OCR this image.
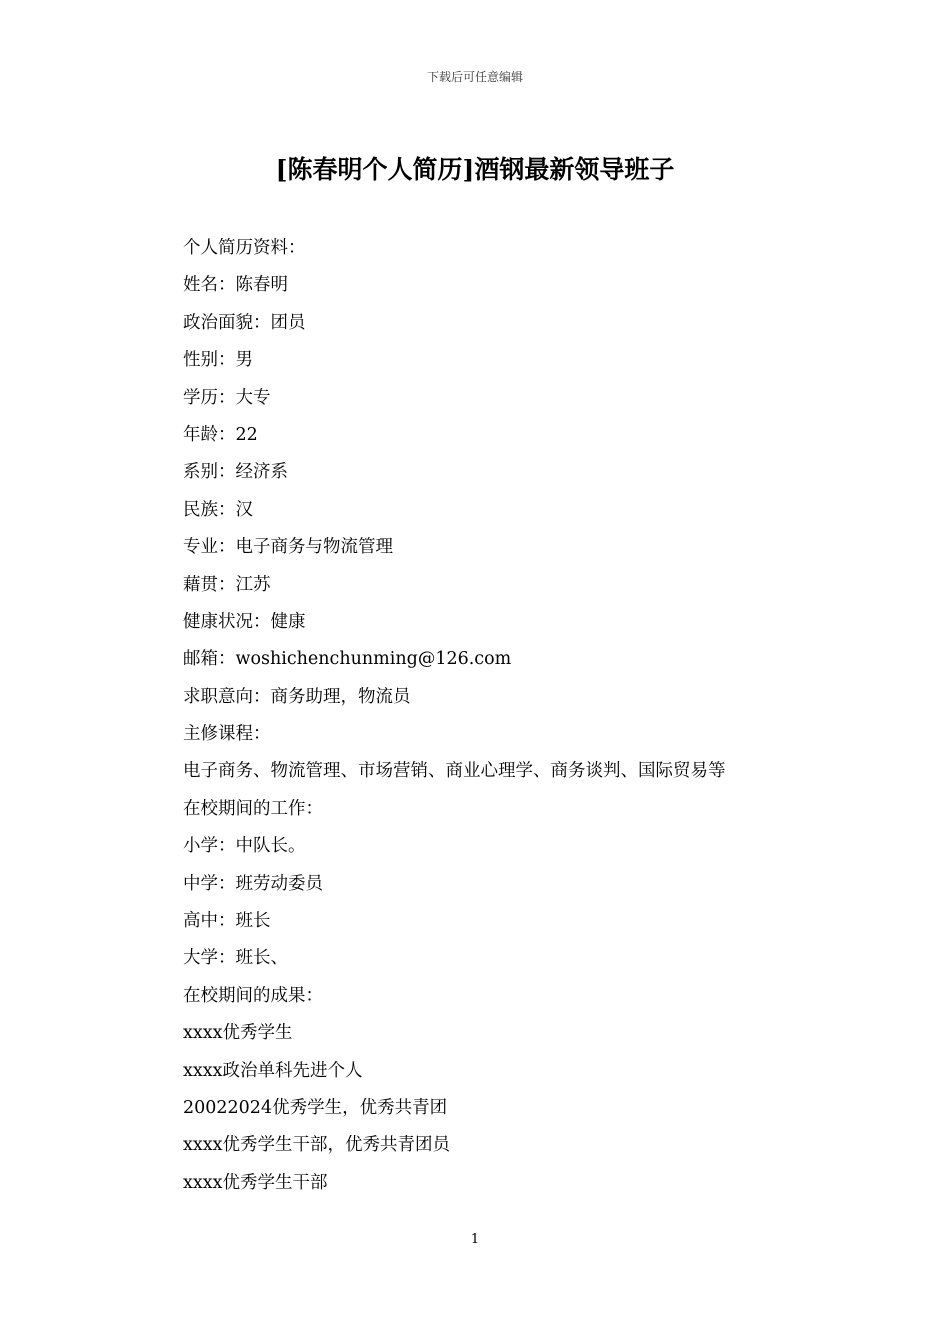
下载后可任意编辑
[陈春明个人简历]酒钢最新领导班子
个人简历资料：
姓名：陈春明
政治面貌：团员
性别：男
学历：大专
年龄：22
系别：经济系
民族：汉
专业：电子商务与物流管理
藉贯：江苏
健康状况：健康
邮箱：woshichenchunming@126.com
求职意向：商务助理，物流员
主修课程：
电子商务、物流管理、市场营销、商业心理学、商务谈判、国际贸易等
在校期间的工作：
小学：中队长。
中学：班劳动委员
高中：班长
大学：班长、
在校期间的成果：
xxxx优秀学生
xxxx政治单科先进个人
20022024优秀学生，优秀共青团
xxxx优秀学生干部，优秀共青团员
xxxx优秀学生干部
1
